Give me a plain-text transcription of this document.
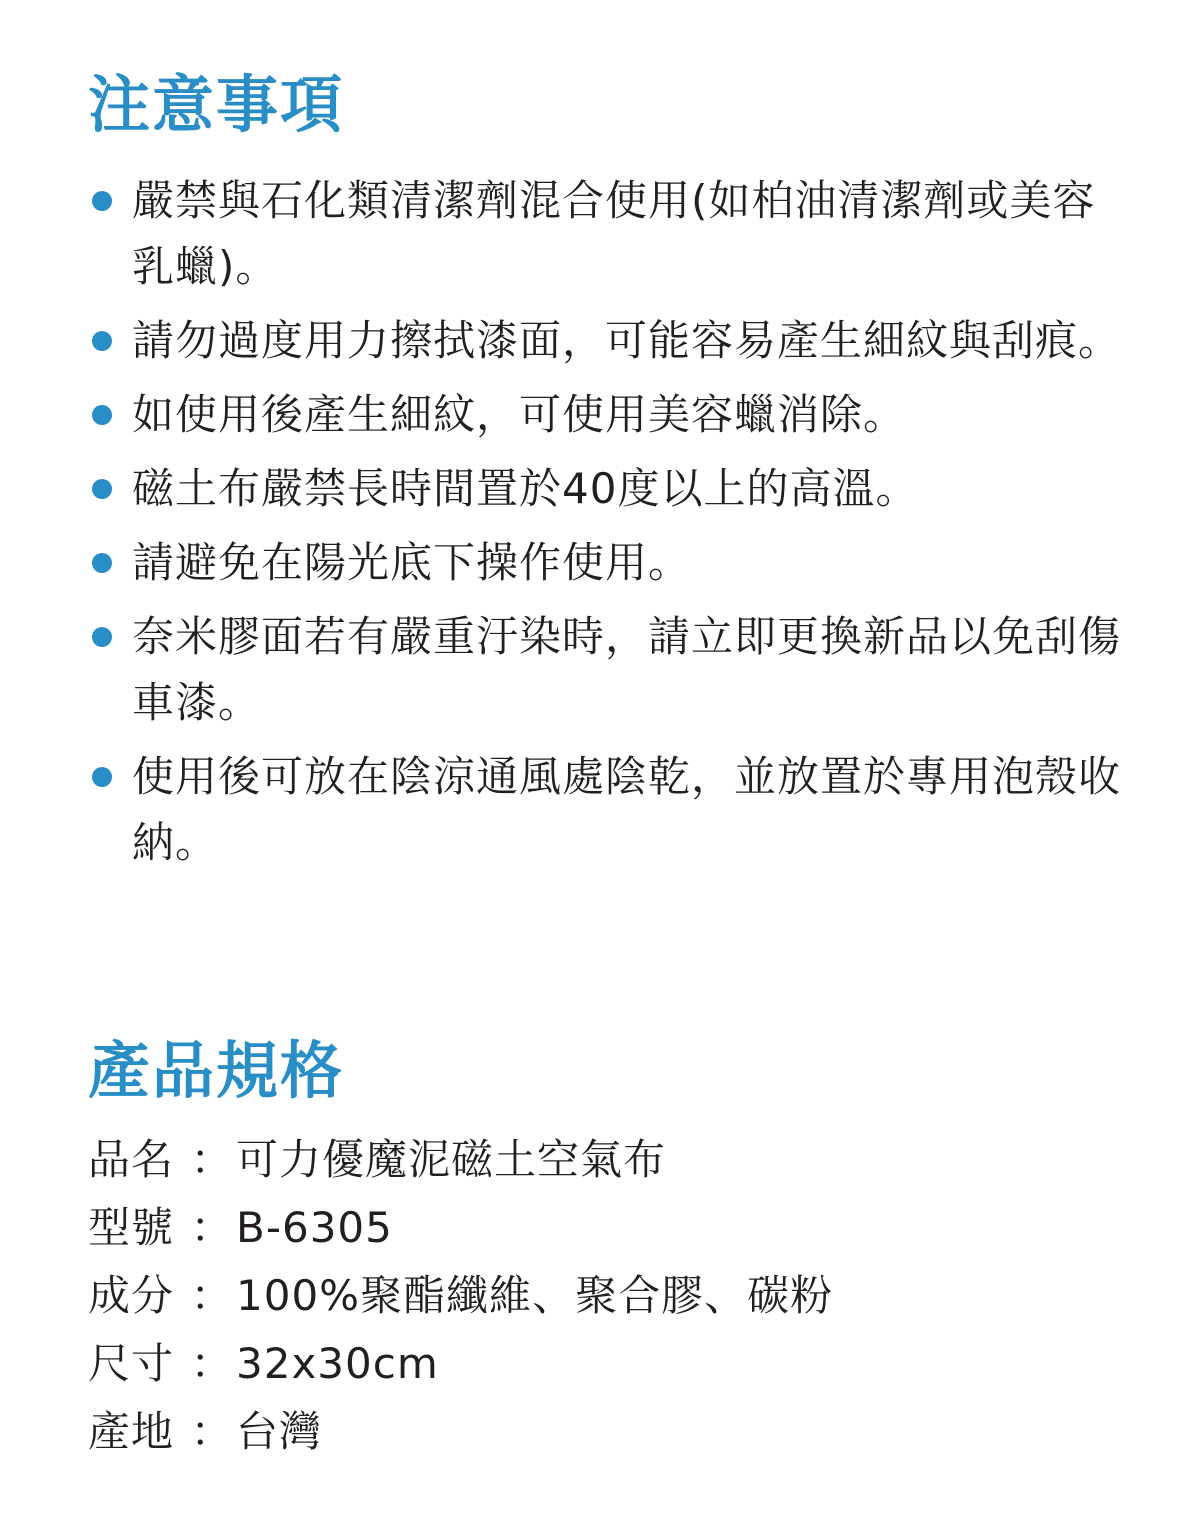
注意事項
嚴禁與石化類清潔劑混合使用(如柏油清潔劑或美容乳蠟)。
請勿過度用力擦拭漆面，可能容易產生細紋與刮痕。
如使用後產生細紋，可使用美容蠟消除。
磁土布嚴禁長時間置於40度以上的高溫。
請避免在陽光底下操作使用。
奈米膠面若有嚴重汙染時，請立即更換新品以免刮傷車漆。
使用後可放在陰涼通風處陰乾，並放置於專用泡殼收納。
產品規格
品名 ： 可力優魔泥磁土空氣布
型號 ： B-6305
成分 ： 100%聚酯纖維、聚合膠、碳粉
尺寸 ： 32x30cm
產地 ： 台灣
